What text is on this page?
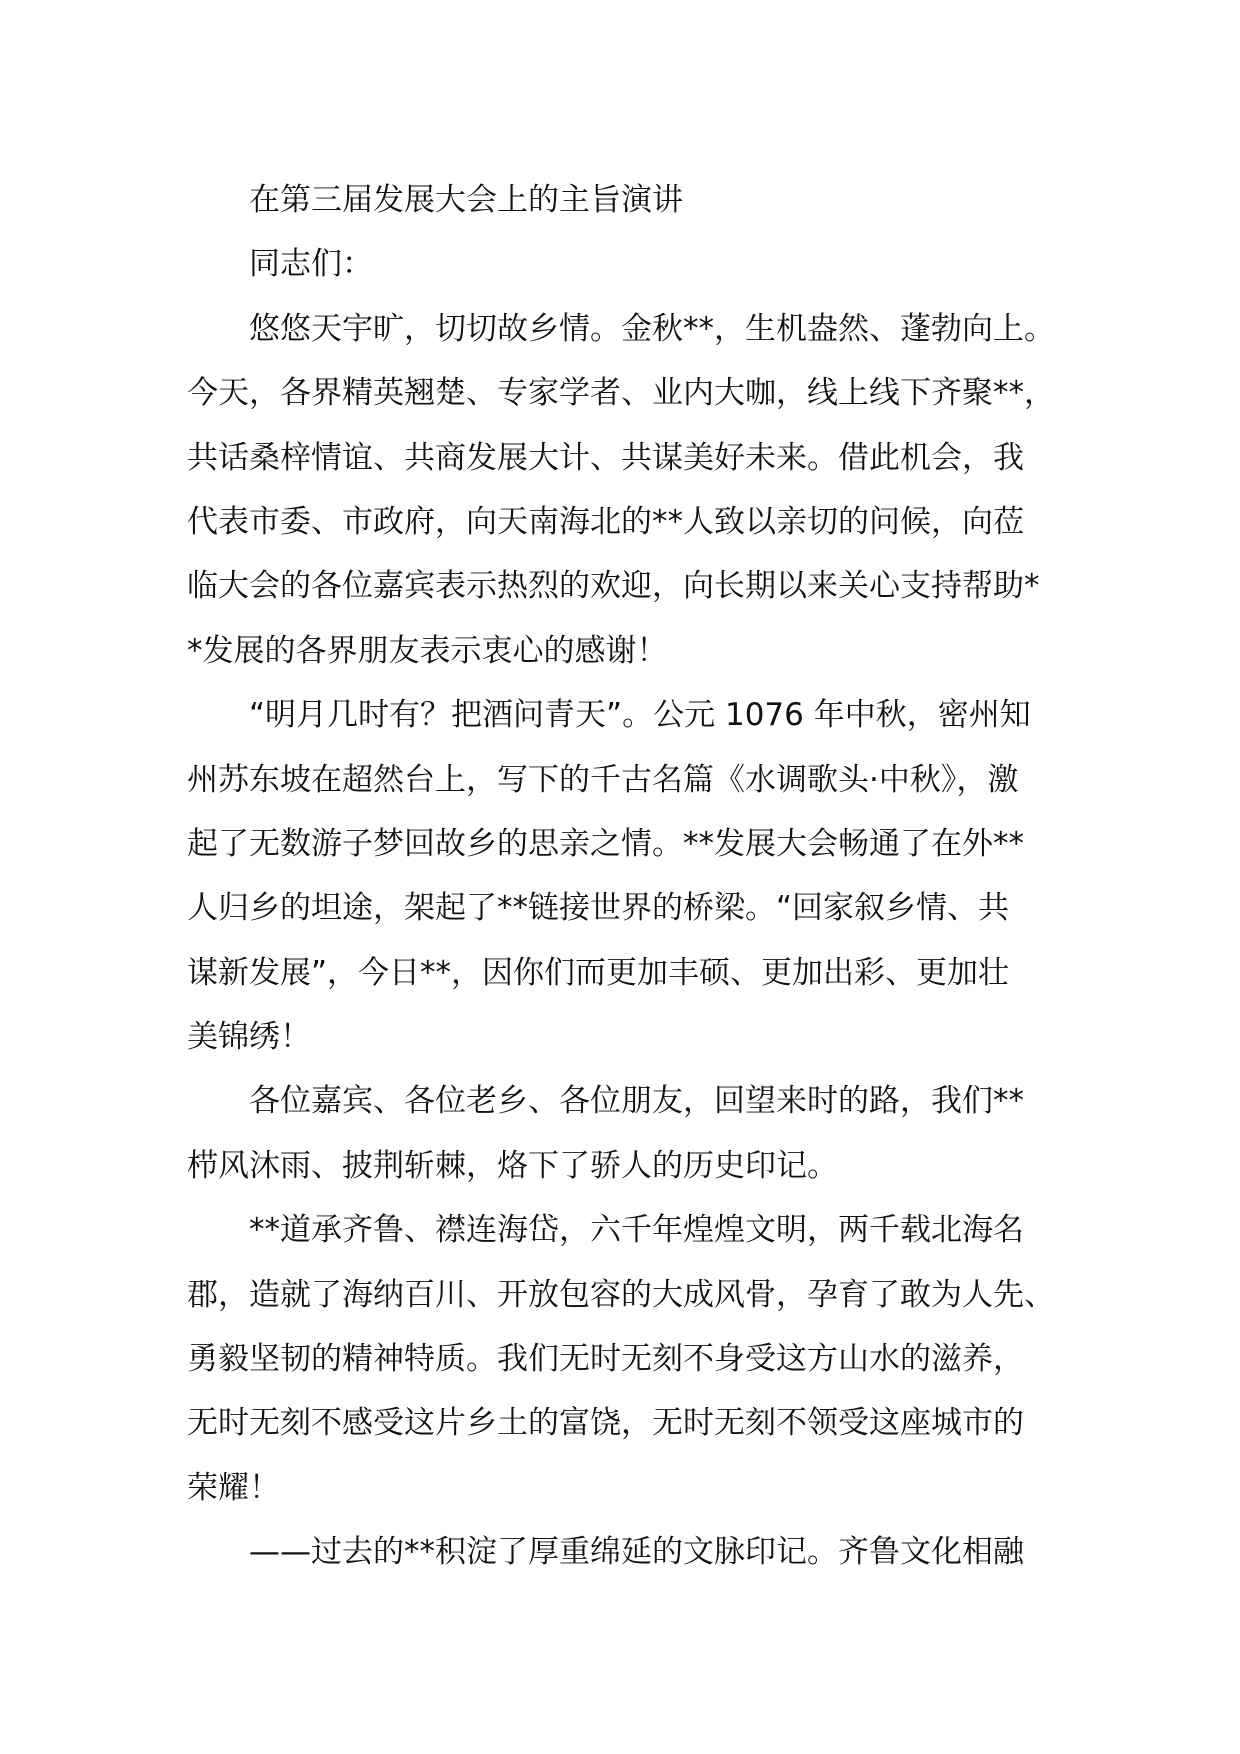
在第三届发展大会上的主旨演讲
同志们：
悠悠天宇旷，切切故乡情。金秋**，生机盎然、蓬勃向上。
今天，各界精英翘楚、专家学者、业内大咖，线上线下齐聚**，
共话桑梓情谊、共商发展大计、共谋美好未来。借此机会，我
代表市委、市政府，向天南海北的**人致以亲切的问候，向莅
临大会的各位嘉宾表示热烈的欢迎，向长期以来关心支持帮助*
*发展的各界朋友表示衷心的感谢！
“明月几时有？把酒问青天”。公元 1076 年中秋，密州知
州苏东坡在超然台上，写下的千古名篇《水调歌头·中秋》，激
起了无数游子梦回故乡的思亲之情。**发展大会畅通了在外**
人归乡的坦途，架起了**链接世界的桥梁。“回家叙乡情、共
谋新发展”，今日**，因你们而更加丰硕、更加出彩、更加壮
美锦绣！
各位嘉宾、各位老乡、各位朋友，回望来时的路，我们**
栉风沐雨、披荆斩棘，烙下了骄人的历史印记。
**道承齐鲁、襟连海岱，六千年煌煌文明，两千载北海名
郡，造就了海纳百川、开放包容的大成风骨，孕育了敢为人先、
勇毅坚韧的精神特质。我们无时无刻不身受这方山水的滋养，
无时无刻不感受这片乡土的富饶，无时无刻不领受这座城市的
荣耀！
——过去的**积淀了厚重绵延的文脉印记。齐鲁文化相融
